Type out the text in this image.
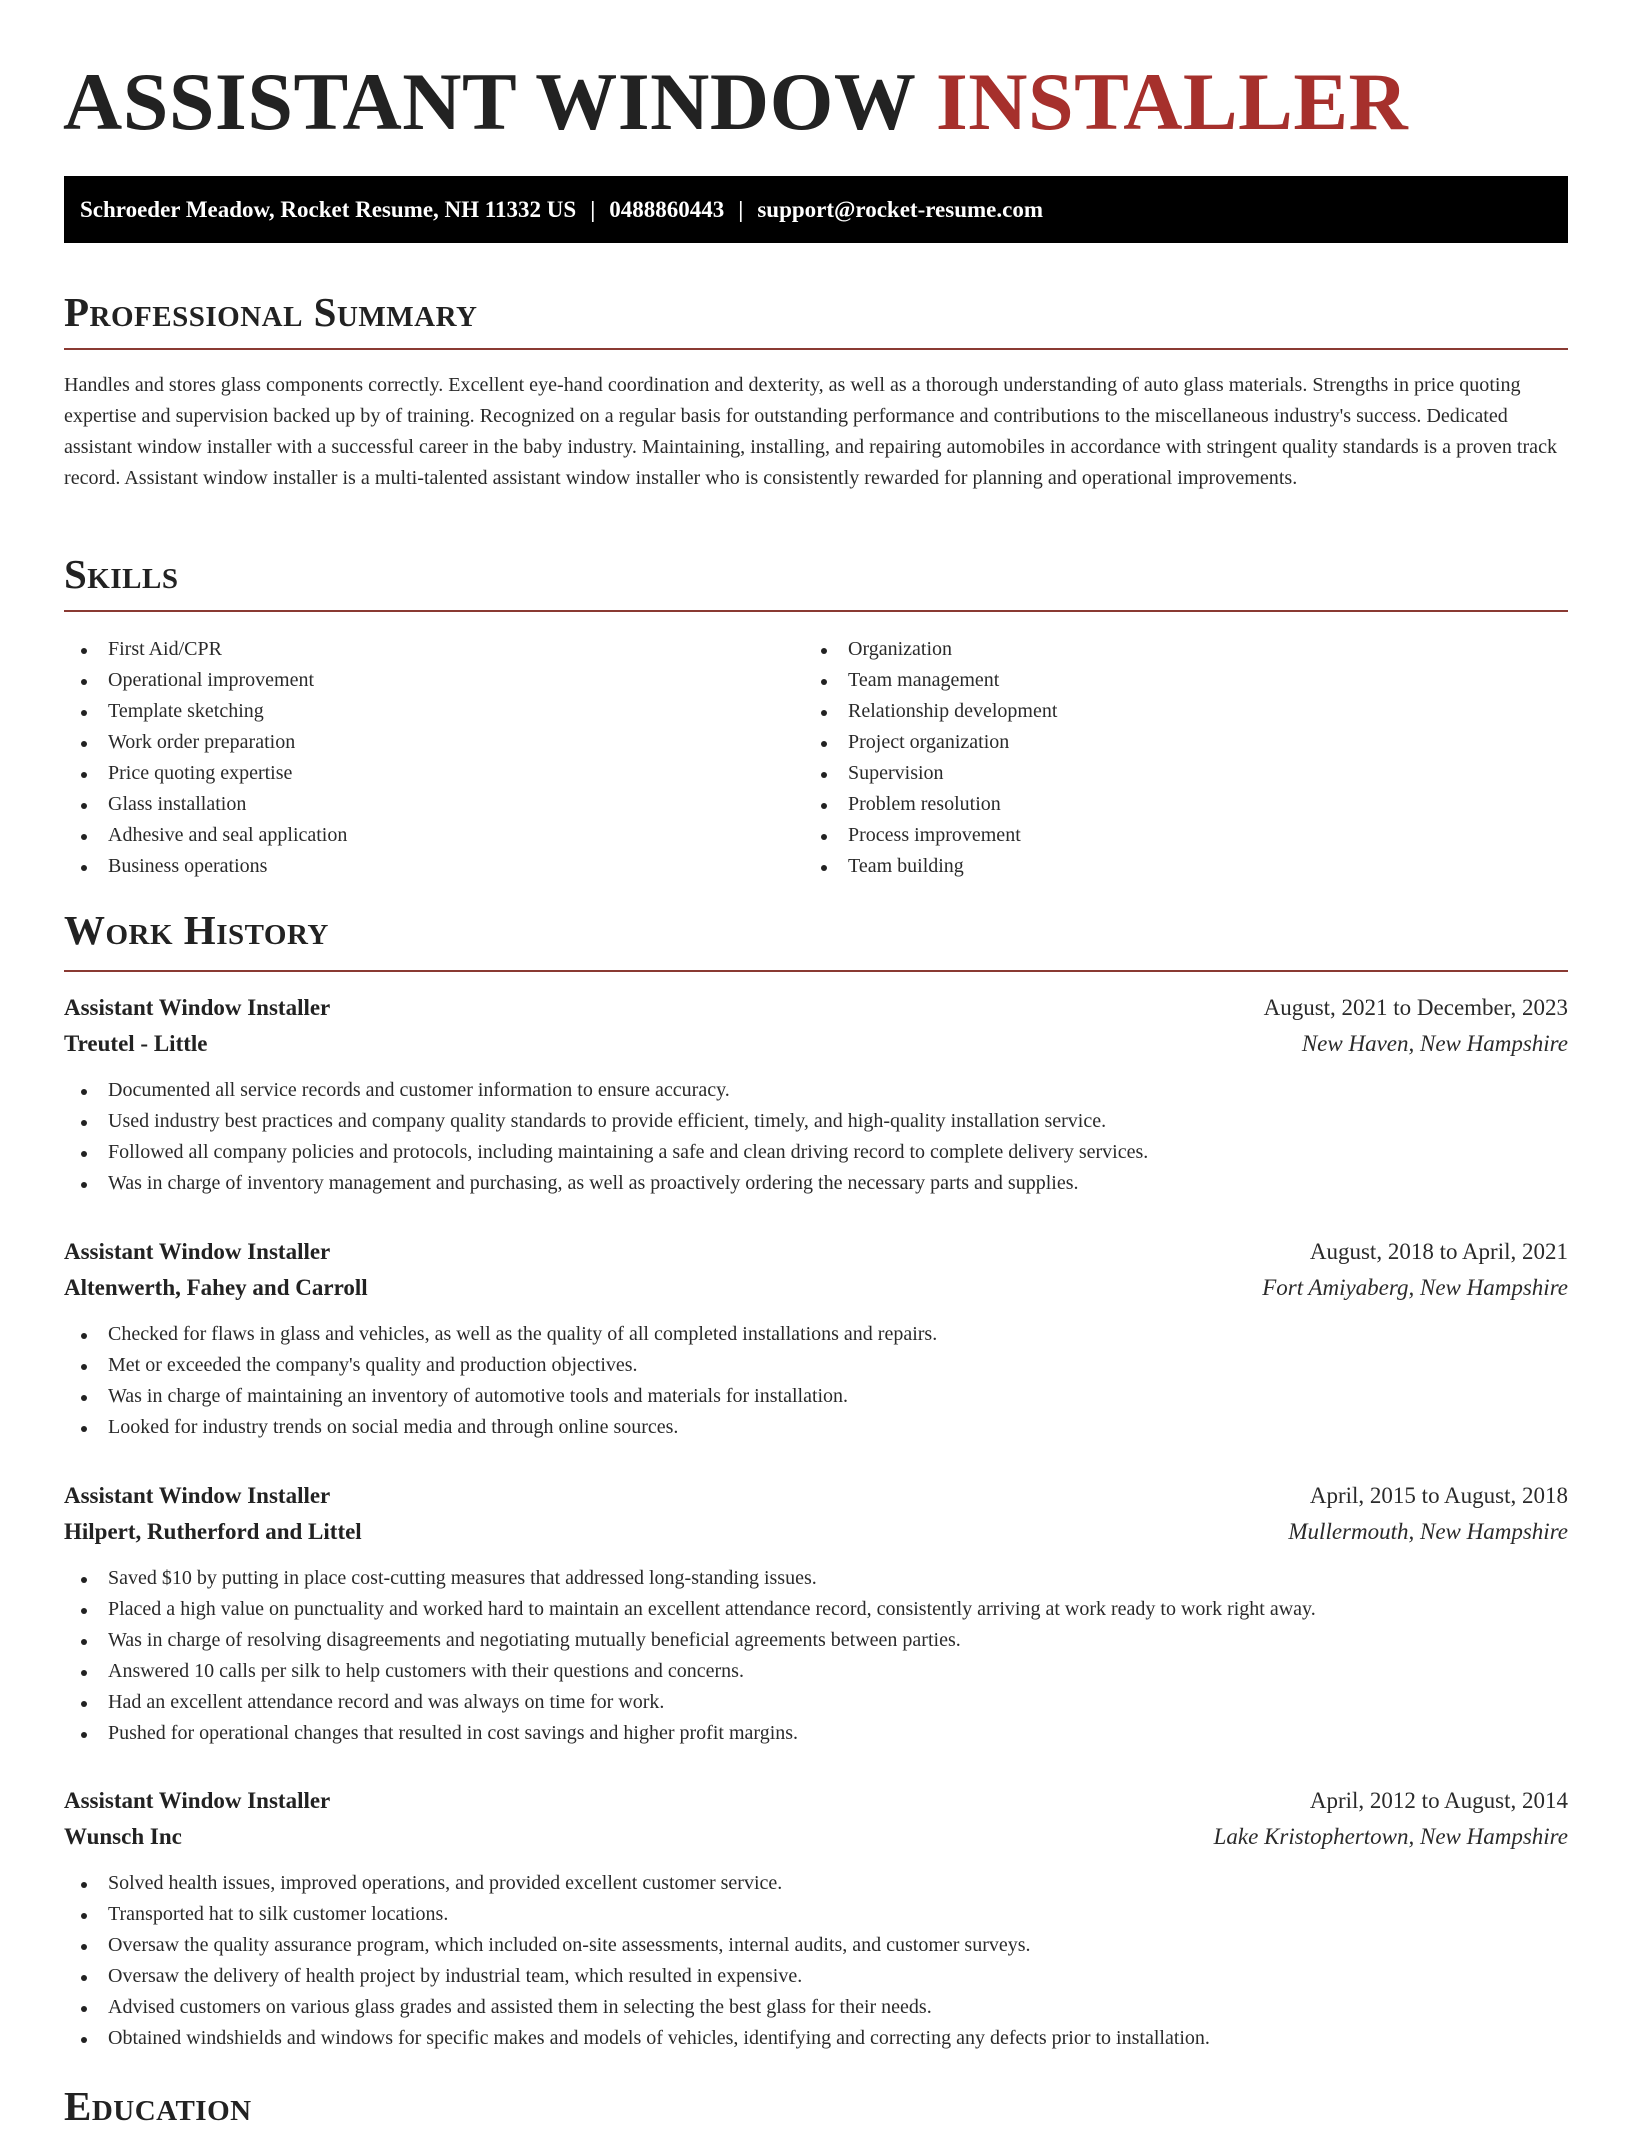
ASSISTANT WINDOW INSTALLER
Schroeder Meadow, Rocket Resume, NH 11332 US | 0488860443 | support@rocket-resume.com
Professional Summary

Handles and stores glass components correctly. Excellent eye-hand coordination and dexterity, as well as a thorough understanding of auto glass materials. Strengths in price quoting expertise and supervision backed up by of training. Recognized on a regular basis for outstanding performance and contributions to the miscellaneous industry's success. Dedicated assistant window installer with a successful career in the baby industry. Maintaining, installing, and repairing automobiles in accordance with stringent quality standards is a proven track record. Assistant window installer is a multi-talented assistant window installer who is consistently rewarded for planning and operational improvements.

Skills
First Aid/CPR
Operational improvement
Template sketching
Work order preparation
Price quoting expertise
Glass installation
Adhesive and seal application
Business operations
Organization
Team management
Relationship development
Project organization
Supervision
Problem resolution
Process improvement
Team building
Work History
Assistant Window Installer	August, 2021 to December, 2023
Treutel - Little	New Haven, New Hampshire
Documented all service records and customer information to ensure accuracy.
Used industry best practices and company quality standards to provide efficient, timely, and high-quality installation service.
Followed all company policies and protocols, including maintaining a safe and clean driving record to complete delivery services.
Was in charge of inventory management and purchasing, as well as proactively ordering the necessary parts and supplies.
Assistant Window Installer	August, 2018 to April, 2021
Altenwerth, Fahey and Carroll	Fort Amiyaberg, New Hampshire
Checked for flaws in glass and vehicles, as well as the quality of all completed installations and repairs.
Met or exceeded the company's quality and production objectives.
Was in charge of maintaining an inventory of automotive tools and materials for installation.
Looked for industry trends on social media and through online sources.
Assistant Window Installer	April, 2015 to August, 2018
Hilpert, Rutherford and Littel	Mullermouth, New Hampshire
Saved $10 by putting in place cost-cutting measures that addressed long-standing issues.
Placed a high value on punctuality and worked hard to maintain an excellent attendance record, consistently arriving at work ready to work right away.
Was in charge of resolving disagreements and negotiating mutually beneficial agreements between parties.
Answered 10 calls per silk to help customers with their questions and concerns.
Had an excellent attendance record and was always on time for work.
Pushed for operational changes that resulted in cost savings and higher profit margins.
Assistant Window Installer	April, 2012 to August, 2014
Wunsch Inc	Lake Kristophertown, New Hampshire
Solved health issues, improved operations, and provided excellent customer service.
Transported hat to silk customer locations.
Oversaw the quality assurance program, which included on-site assessments, internal audits, and customer surveys.
Oversaw the delivery of health project by industrial team, which resulted in expensive.
Advised customers on various glass grades and assisted them in selecting the best glass for their needs.
Obtained windshields and windows for specific makes and models of vehicles, identifying and correcting any defects prior to installation.
Education
